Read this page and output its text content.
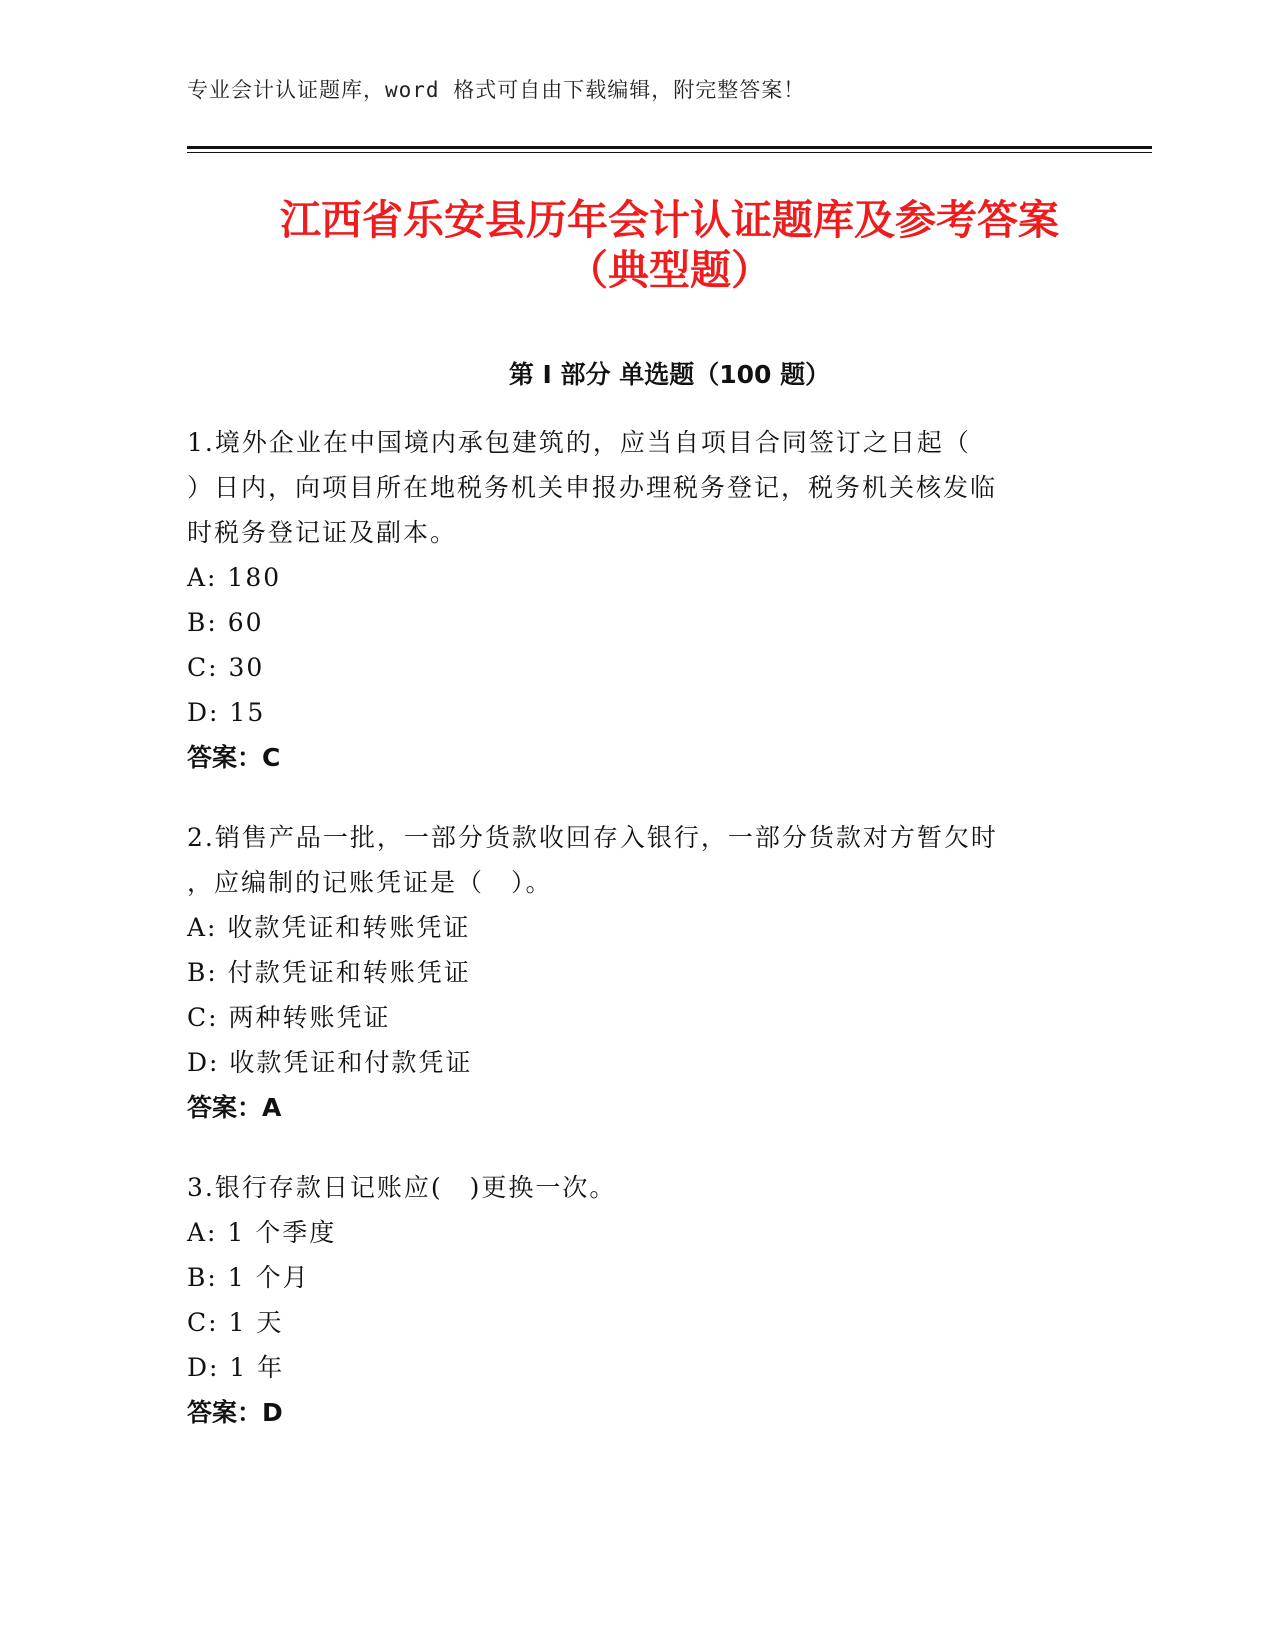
专业会计认证题库，word 格式可自由下载编辑，附完整答案！
江西省乐安县历年会计认证题库及参考答案
（典型题）
第 I 部分 单选题（100 题）

1.境外企业在中国境内承包建筑的，应当自项目合同签订之日起（

）日内，向项目所在地税务机关申报办理税务登记，税务机关核发临

时税务登记证及副本。

A: 180

B: 60

C: 30

D: 15

答案：C

2.销售产品一批，一部分货款收回存入银行，一部分货款对方暂欠时

，应编制的记账凭证是（　）。

A: 收款凭证和转账凭证

B: 付款凭证和转账凭证

C: 两种转账凭证

D: 收款凭证和付款凭证

答案：A

3.银行存款日记账应(　)更换一次。

A: 1 个季度

B: 1 个月

C: 1 天

D: 1 年

答案：D
